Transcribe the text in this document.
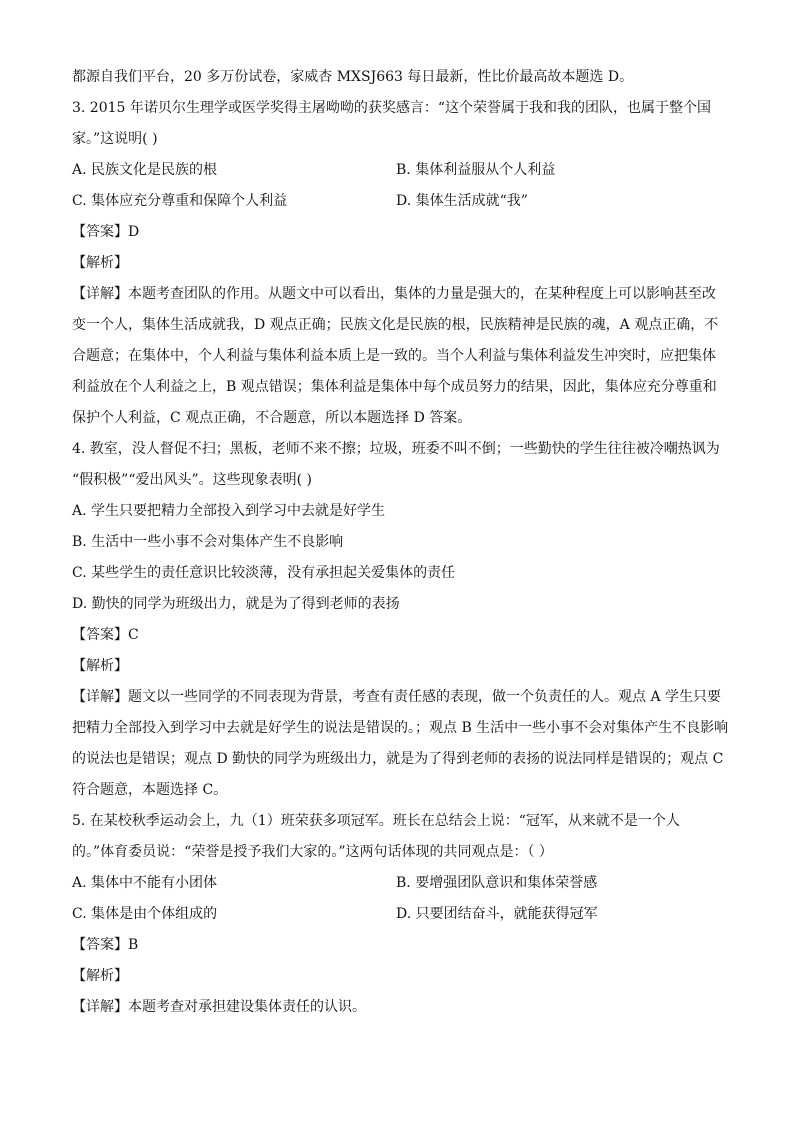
都源自我们平台，20 多万份试卷，家威杏 MXSJ663 每日最新，性比价最高故本题选 D。
3. 2015 年诺贝尔生理学或医学奖得主屠呦呦的获奖感言：“这个荣誉属于我和我的团队，也属于整个国
家。”这说明( )
A. 民族文化是民族的根	B. 集体利益服从个人利益
C. 集体应充分尊重和保障个人利益	D. 集体生活成就“我”
【答案】D
【解析】
【详解】本题考查团队的作用。从题文中可以看出，集体的力量是强大的，在某种程度上可以影响甚至改
变一个人，集体生活成就我，D 观点正确；民族文化是民族的根，民族精神是民族的魂，A 观点正确，不
合题意；在集体中，个人利益与集体利益本质上是一致的。当个人利益与集体利益发生冲突时，应把集体
利益放在个人利益之上，B 观点错误；集体利益是集体中每个成员努力的结果，因此，集体应充分尊重和
保护个人利益，C 观点正确，不合题意，所以本题选择 D 答案。
4. 教室，没人督促不扫；黑板，老师不来不擦；垃圾，班委不叫不倒；一些勤快的学生往往被冷嘲热讽为
“假积极”“爱出风头”。这些现象表明( )
A. 学生只要把精力全部投入到学习中去就是好学生
B. 生活中一些小事不会对集体产生不良影响
C. 某些学生的责任意识比较淡薄，没有承担起关爱集体的责任
D. 勤快的同学为班级出力，就是为了得到老师的表扬
【答案】C
【解析】
【详解】题文以一些同学的不同表现为背景，考查有责任感的表现，做一个负责任的人。观点 A 学生只要
把精力全部投入到学习中去就是好学生的说法是错误的。；观点 B 生活中一些小事不会对集体产生不良影响
的说法也是错误；观点 D 勤快的同学为班级出力，就是为了得到老师的表扬的说法同样是错误的；观点 C
符合题意，本题选择 C。
5. 在某校秋季运动会上，九（1）班荣获多项冠军。班长在总结会上说：“冠军，从来就不是一个人
的。”体育委员说：“荣誉是授予我们大家的。”这两句话体现的共同观点是：（ ）
A. 集体中不能有小团体	B. 要增强团队意识和集体荣誉感
C. 集体是由个体组成的	D. 只要团结奋斗，就能获得冠军
【答案】B
【解析】
【详解】本题考查对承担建设集体责任的认识。
